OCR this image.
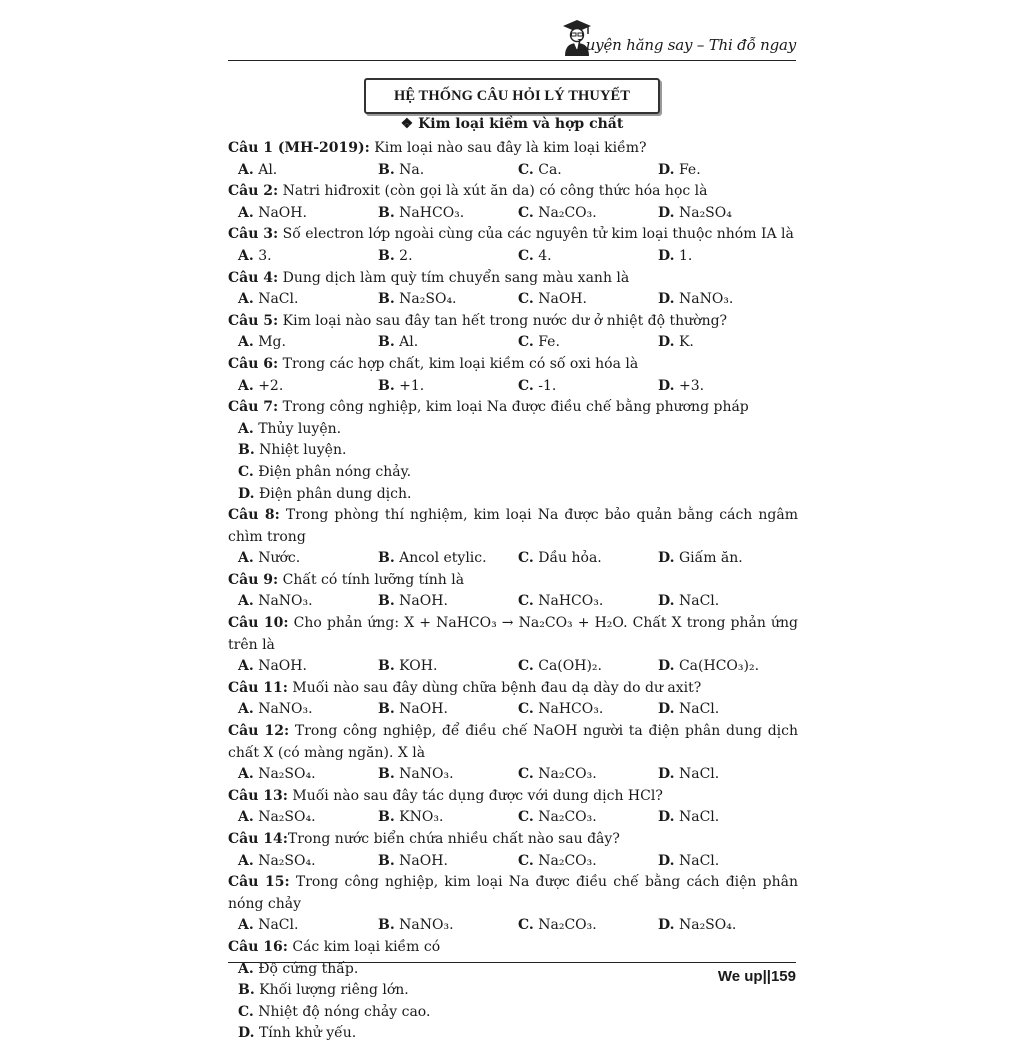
Luyện hăng say – Thi đỗ ngay
HỆ THỐNG CÂU HỎI LÝ THUYẾT
❖ Kim loại kiềm và hợp chất

Câu 1 (MH-2019): Kim loại nào sau đây là kim loại kiềm?

A. Al.	B. Na.	C. Ca.	D. Fe.

Câu 2: Natri hiđroxit (còn gọi là xút ăn da) có công thức hóa học là

A. NaOH.	B. NaHCO₃.	C. Na₂CO₃.	D. Na₂SO₄

Câu 3: Số electron lớp ngoài cùng của các nguyên tử kim loại thuộc nhóm IA là

A. 3.	B. 2.	C. 4.	D. 1.

Câu 4: Dung dịch làm quỳ tím chuyển sang màu xanh là

A. NaCl.	B. Na₂SO₄.	C. NaOH.	D. NaNO₃.

Câu 5: Kim loại nào sau đây tan hết trong nước dư ở nhiệt độ thường?

A. Mg.	B. Al.	C. Fe.	D. K.

Câu 6: Trong các hợp chất, kim loại kiềm có số oxi hóa là

A. +2.	B. +1.	C. -1.	D. +3.

Câu 7: Trong công nghiệp, kim loại Na được điều chế bằng phương pháp

A. Thủy luyện.
B. Nhiệt luyện.
C. Điện phân nóng chảy.
D. Điện phân dung dịch.

Câu 8: Trong phòng thí nghiệm, kim loại Na được bảo quản bằng cách ngâm chìm trong

A. Nước.	B. Ancol etylic.	C. Dầu hỏa.	D. Giấm ăn.

Câu 9: Chất có tính lưỡng tính là

A. NaNO₃.	B. NaOH.	C. NaHCO₃.	D. NaCl.

Câu 10: Cho phản ứng: X + NaHCO₃ → Na₂CO₃ + H₂O. Chất X trong phản ứng trên là

A. NaOH.	B. KOH.	C. Ca(OH)₂.	D. Ca(HCO₃)₂.

Câu 11: Muối nào sau đây dùng chữa bệnh đau dạ dày do dư axit?

A. NaNO₃.	B. NaOH.	C. NaHCO₃.	D. NaCl.

Câu 12: Trong công nghiệp, để điều chế NaOH người ta điện phân dung dịch chất X (có màng ngăn). X là

A. Na₂SO₄.	B. NaNO₃.	C. Na₂CO₃.	D. NaCl.

Câu 13: Muối nào sau đây tác dụng được với dung dịch HCl?

A. Na₂SO₄.	B. KNO₃.	C. Na₂CO₃.	D. NaCl.

Câu 14:Trong nước biển chứa nhiều chất nào sau đây?

A. Na₂SO₄.	B. NaOH.	C. Na₂CO₃.	D. NaCl.

Câu 15: Trong công nghiệp, kim loại Na được điều chế bằng cách điện phân nóng chảy

A. NaCl.	B. NaNO₃.	C. Na₂CO₃.	D. Na₂SO₄.

Câu 16: Các kim loại kiềm có

A. Độ cứng thấp.
B. Khối lượng riêng lớn.
C. Nhiệt độ nóng chảy cao.
D. Tính khử yếu.
We up||159
